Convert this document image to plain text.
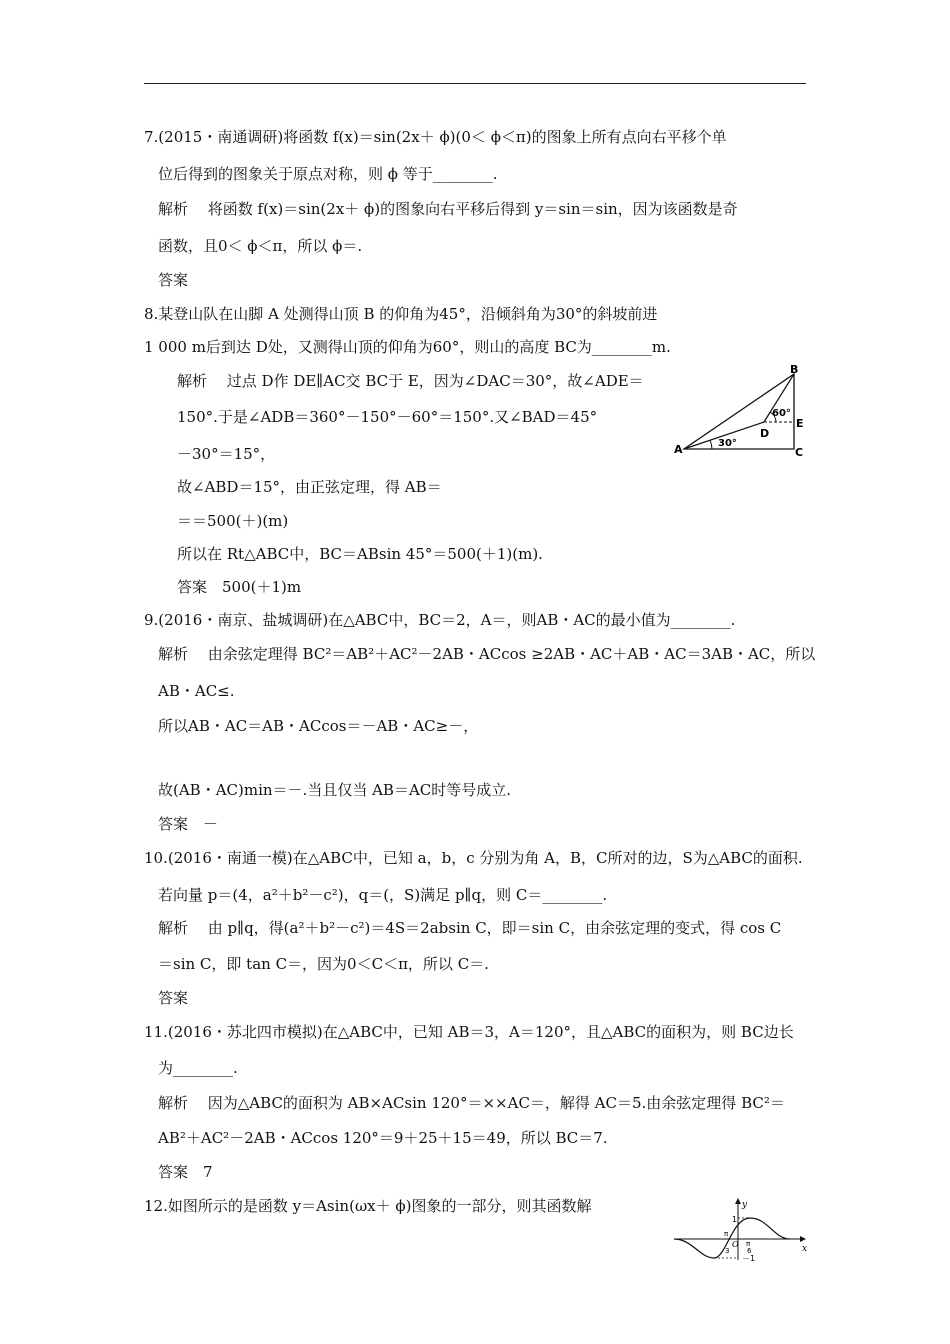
7.(2015・南通调研)将函数 f(x)＝sin(2x＋ ϕ)(0＜ ϕ＜π)的图象上所有点向右平移个单
位后得到的图象关于原点对称，则 ϕ 等于________.
解析　 将函数 f(x)＝sin(2x＋ ϕ)的图象向右平移后得到 y＝sin＝sin，因为该函数是奇
函数，且0＜ ϕ＜π，所以 ϕ＝.
答案
8.某登山队在山脚 A 处测得山顶 B 的仰角为45°，沿倾斜角为30°的斜坡前进
1 000 m后到达 D处，又测得山顶的仰角为60°，则山的高度 BC为________m.
解析　 过点 D作 DE∥AC交 BC于 E，因为∠DAC＝30°，故∠ADE＝
150°.于是∠ADB＝360°－150°－60°＝150°.又∠BAD＝45°
－30°＝15°，
故∠ABD＝15°，由正弦定理，得 AB＝
＝＝500(＋)(m)
所以在 Rt△ABC中，BC＝ABsin 45°＝500(＋1)(m).
答案　500(＋1)m
9.(2016・南京、盐城调研)在△ABC中，BC＝2，A＝，则AB・AC的最小值为________.
解析　 由余弦定理得 BC²＝AB²＋AC²－2AB・ACcos ≥2AB・AC＋AB・AC＝3AB・AC，所以
AB・AC≤.
所以AB・AC＝AB・ACcos＝－AB・AC≥－，
故(AB・AC)min＝－.当且仅当 AB＝AC时等号成立.
答案　－
10.(2016・南通一模)在△ABC中，已知 a，b，c 分别为角 A，B，C所对的边，S为△ABC的面积.
若向量 p＝(4，a²＋b²－c²)，q＝(，S)满足 p∥q，则 C＝________.
解析　 由 p∥q，得(a²＋b²－c²)＝4S＝2absin C，即＝sin C，由余弦定理的变式，得 cos C
＝sin C，即 tan C＝，因为0＜C＜π，所以 C＝.
答案
11.(2016・苏北四市模拟)在△ABC中，已知 AB＝3，A＝120°，且△ABC的面积为，则 BC边长
为________.
解析　 因为△ABC的面积为 AB×ACsin 120°＝××AC＝，解得 AC＝5.由余弦定理得 BC²＝
AB²＋AC²－2AB・ACcos 120°＝9＋25＋15＝49，所以 BC＝7.
答案　7
12.如图所示的是函数 y＝Asin(ωx＋ ϕ)图象的一部分，则其函数解
B
A	C
D
E
30°
60°
y
x
1
O
π
3
π
6
－1
